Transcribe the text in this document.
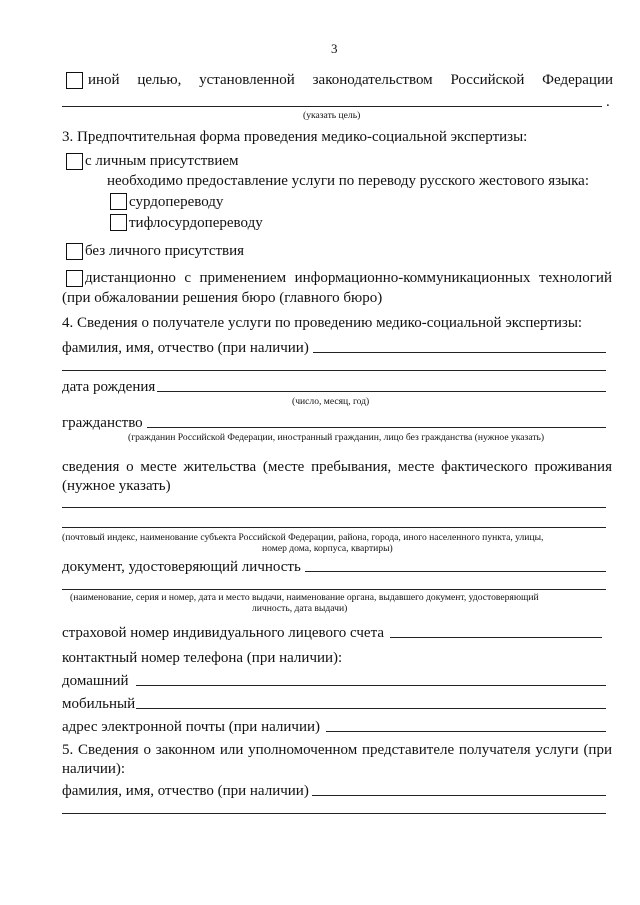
3
иной целью, установленной законодательством Российской Федерации
.
(указать цель)
3. Предпочтительная форма проведения медико-социальной экспертизы:
с личным присутствием
необходимо предоставление услуги по переводу русского жестового языка:
сурдопереводу
тифлосурдопереводу
без личного присутствия
дистанционно с применением информационно-коммуникационных технологий
(при обжаловании решения бюро (главного бюро)
4. Сведения о получателе услуги по проведению медико-социальной экспертизы:
фамилия, имя, отчество (при наличии)
дата рождения
(число, месяц, год)
гражданство
(гражданин Российской Федерации, иностранный гражданин, лицо без гражданства (нужное указать)
сведения о месте жительства (месте пребывания, месте фактического проживания
(нужное указать)
(почтовый индекс, наименование субъекта Российской Федерации, района, города, иного населенного пункта, улицы,
номер дома, корпуса, квартиры)
документ, удостоверяющий личность
(наименование, серия и номер, дата и место выдачи, наименование органа, выдавшего документ, удостоверяющий
личность, дата выдачи)
страховой номер индивидуального лицевого счета
контактный номер телефона (при наличии):
домашний
мобильный
адрес электронной почты (при наличии)
5. Сведения о законном или уполномоченном представителе получателя услуги (при
наличии):
фамилия, имя, отчество (при наличии)
